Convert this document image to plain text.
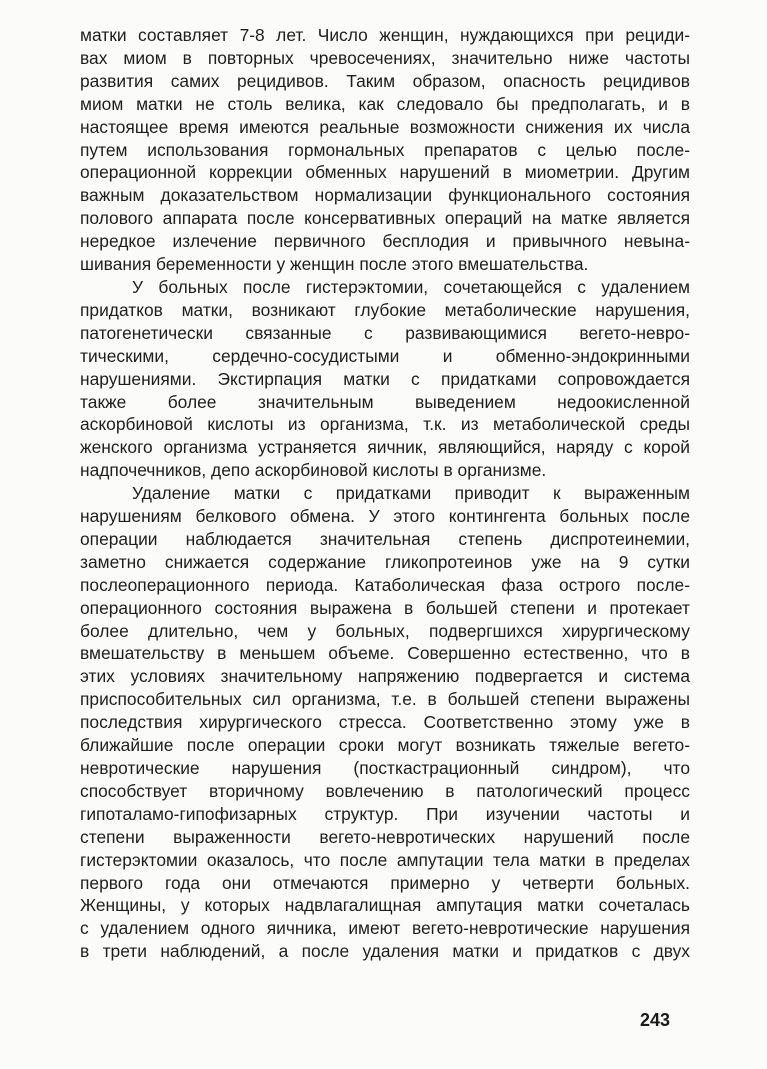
матки составляет 7-8 лет. Число женщин, нуждающихся при рециди-
вах миом в повторных чревосечениях, значительно ниже частоты
развития самих рецидивов. Таким образом, опасность рецидивов
миом матки не столь велика, как следовало бы предполагать, и в
настоящее время имеются реальные возможности снижения их числа
путем использования гормональных препаратов с целью после-
операционной коррекции обменных нарушений в миометрии. Другим
важным доказательством нормализации функционального состояния
полового аппарата после консервативных операций на матке является
нередкое излечение первичного бесплодия и привычного невына-
шивания беременности у женщин после этого вмешательства.

У больных после гистерэктомии, сочетающейся с удалением
придатков матки, возникают глубокие метаболические нарушения,
патогенетически связанные с развивающимися вегето-невро-
тическими, сердечно-сосудистыми и обменно-эндокринными
нарушениями. Экстирпация матки с придатками сопровождается
также более значительным выведением недоокисленной
аскорбиновой кислоты из организма, т.к. из метаболической среды
женского организма устраняется яичник, являющийся, наряду с корой
надпочечников, депо аскорбиновой кислоты в организме.

Удаление матки с придатками приводит к выраженным
нарушениям белкового обмена. У этого контингента больных после
операции наблюдается значительная степень диспротеинемии,
заметно снижается содержание гликопротеинов уже на 9 сутки
послеоперационного периода. Катаболическая фаза острого после-
операционного состояния выражена в большей степени и протекает
более длительно, чем у больных, подвергшихся хирургическому
вмешательству в меньшем объеме. Совершенно естественно, что в
этих условиях значительному напряжению подвергается и система
приспособительных сил организма, т.е. в большей степени выражены
последствия хирургического стресса. Соответственно этому уже в
ближайшие после операции сроки могут возникать тяжелые вегето-
невротические нарушения (посткастрационный синдром), что
способствует вторичному вовлечению в патологический процесс
гипоталамо-гипофизарных структур. При изучении частоты и
степени выраженности вегето-невротических нарушений после
гистерэктомии оказалось, что после ампутации тела матки в пределах
первого года они отмечаются примерно у четверти больных.
Женщины, у которых надвлагалищная ампутация матки сочеталась
с удалением одного яичника, имеют вегето-невротические нарушения
в трети наблюдений, а после удаления матки и придатков с двух

243
